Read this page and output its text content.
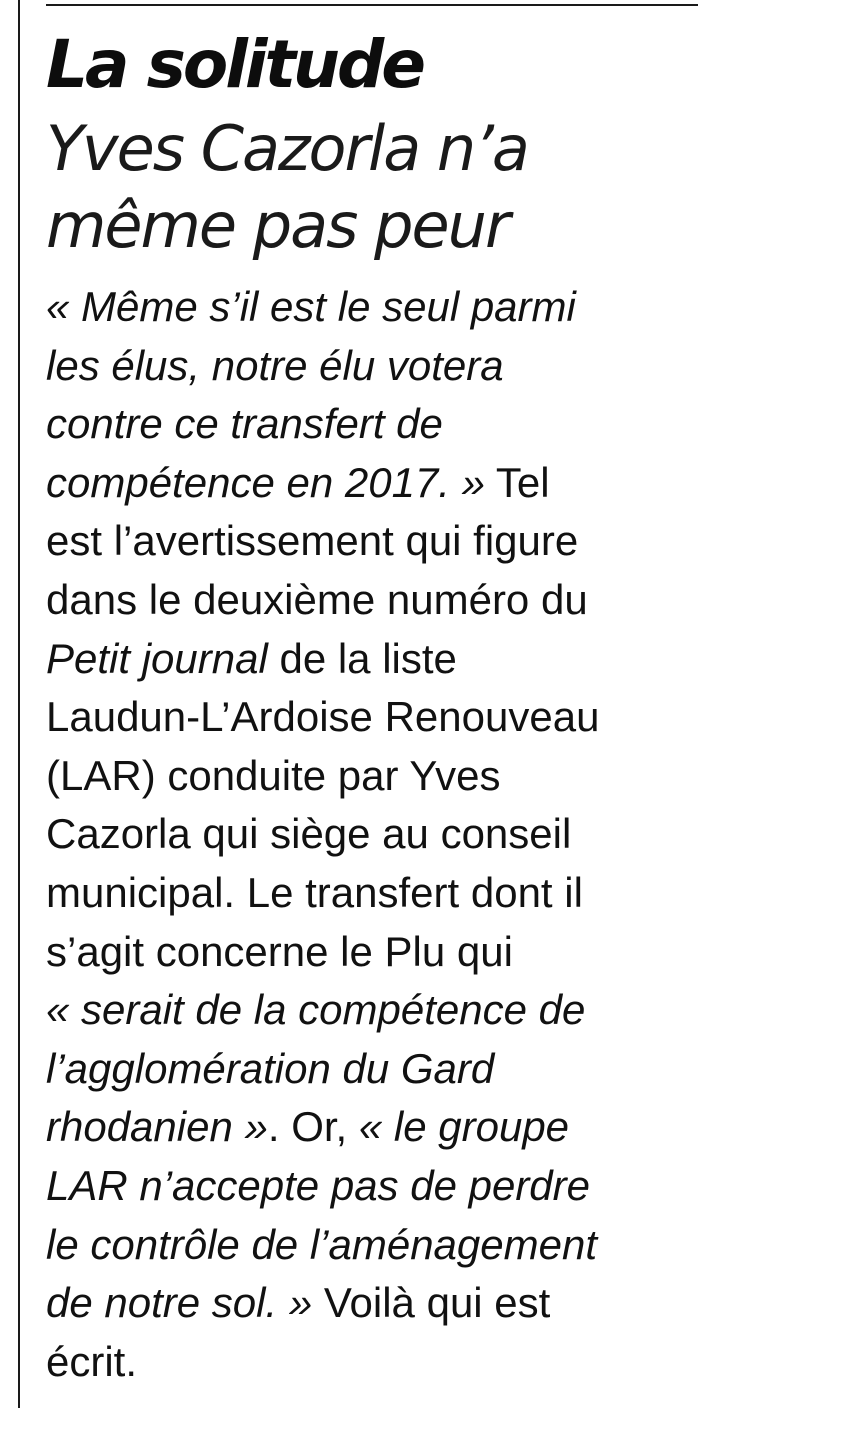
La solitude
Yves Cazorla n’a
même pas peur
« Même s’il est le seul parmi
les élus, notre élu votera
contre ce transfert de
compétence en 2017. » Tel
est l’avertissement qui figure
dans le deuxième numéro du
Petit journal de la liste
Laudun-L’Ardoise Renouveau
(LAR) conduite par Yves
Cazorla qui siège au conseil
municipal. Le transfert dont il
s’agit concerne le Plu qui
« serait de la compétence de
l’agglomération du Gard
rhodanien ». Or, « le groupe
LAR n’accepte pas de perdre
le contrôle de l’aménagement
de notre sol. » Voilà qui est
écrit.
